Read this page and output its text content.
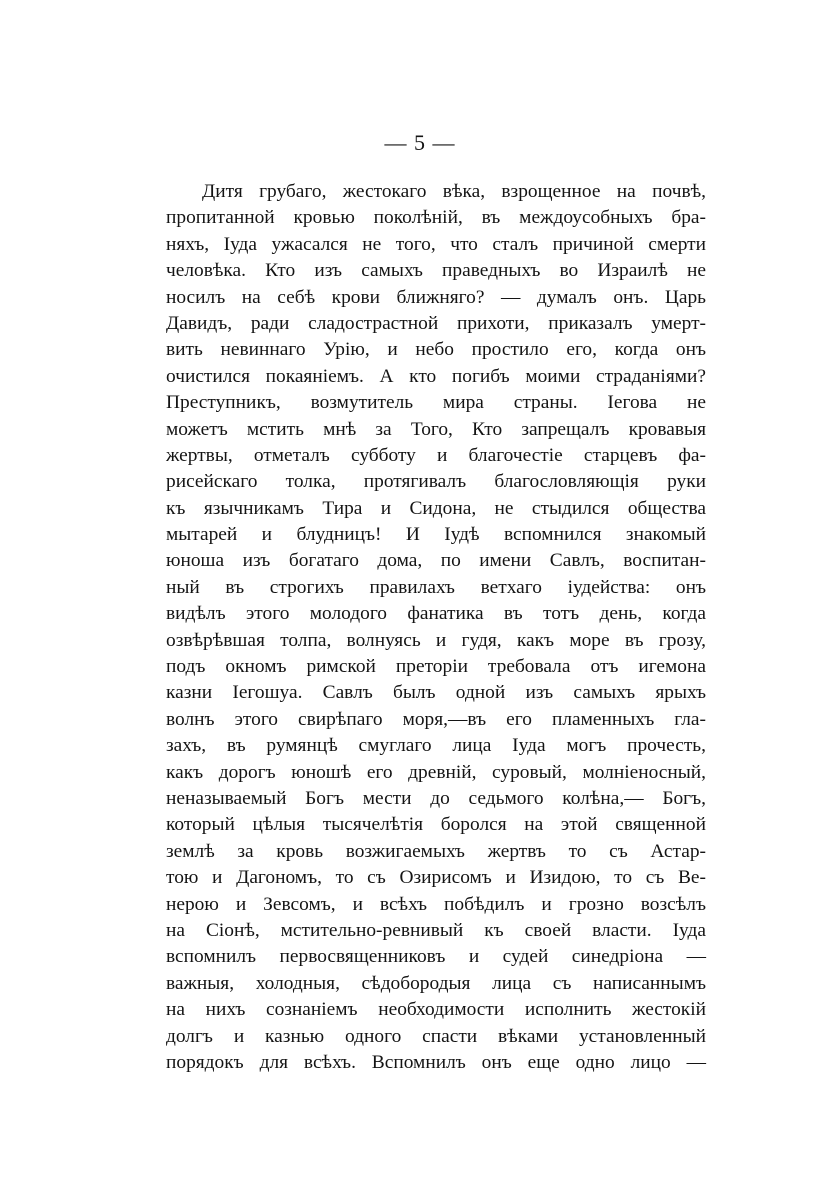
— 5 —
Дитя грубаго, жестокаго вѣка, взрощенное на почвѣ,
пропитанной кровью поколѣній, въ междоусобныхъ бра-
няхъ, Іуда ужасался не того, что сталъ причиной смерти
человѣка. Кто изъ самыхъ праведныхъ во Израилѣ не
носилъ на себѣ крови ближняго? — думалъ онъ. Царь
Давидъ, ради сладострастной прихоти, приказалъ умерт-
вить невиннаго Урію, и небо простило его, когда онъ
очистился покаяніемъ. А кто погибъ моими страданіями?
Преступникъ, возмутитель мира страны. Іегова не
можетъ мстить мнѣ за Того, Кто запрещалъ кровавыя
жертвы, отметалъ субботу и благочестіе старцевъ фа-
рисейскаго толка, протягивалъ благословляющія руки
къ язычникамъ Тира и Сидона, не стыдился общества
мытарей и блудницъ! И Іудѣ вспомнился знакомый
юноша изъ богатаго дома, по имени Савлъ, воспитан-
ный въ строгихъ правилахъ ветхаго іудейства: онъ
видѣлъ этого молодого фанатика въ тотъ день, когда
озвѣрѣвшая толпа, волнуясь и гудя, какъ море въ грозу,
подъ окномъ римской преторіи требовала отъ игемона
казни Іегошуа. Савлъ былъ одной изъ самыхъ ярыхъ
волнъ этого свирѣпаго моря,—въ его пламенныхъ гла-
захъ, въ румянцѣ смуглаго лица Іуда могъ прочесть,
какъ дорогъ юношѣ его древній, суровый, молніеносный,
неназываемый Богъ мести до седьмого колѣна,— Богъ,
который цѣлыя тысячелѣтія боролся на этой священной
землѣ за кровь возжигаемыхъ жертвъ то съ Астар-
тою и Дагономъ, то съ Озирисомъ и Изидою, то съ Ве-
нерою и Зевсомъ, и всѣхъ побѣдилъ и грозно возсѣлъ
на Сіонѣ, мстительно-ревнивый къ своей власти. Іуда
вспомнилъ первосвященниковъ и судей синедріона —
важныя, холодныя, сѣдобородыя лица съ написаннымъ
на нихъ сознаніемъ необходимости исполнить жестокій
долгъ и казнью одного спасти вѣками установленный
порядокъ для всѣхъ. Вспомнилъ онъ еще одно лицо —
